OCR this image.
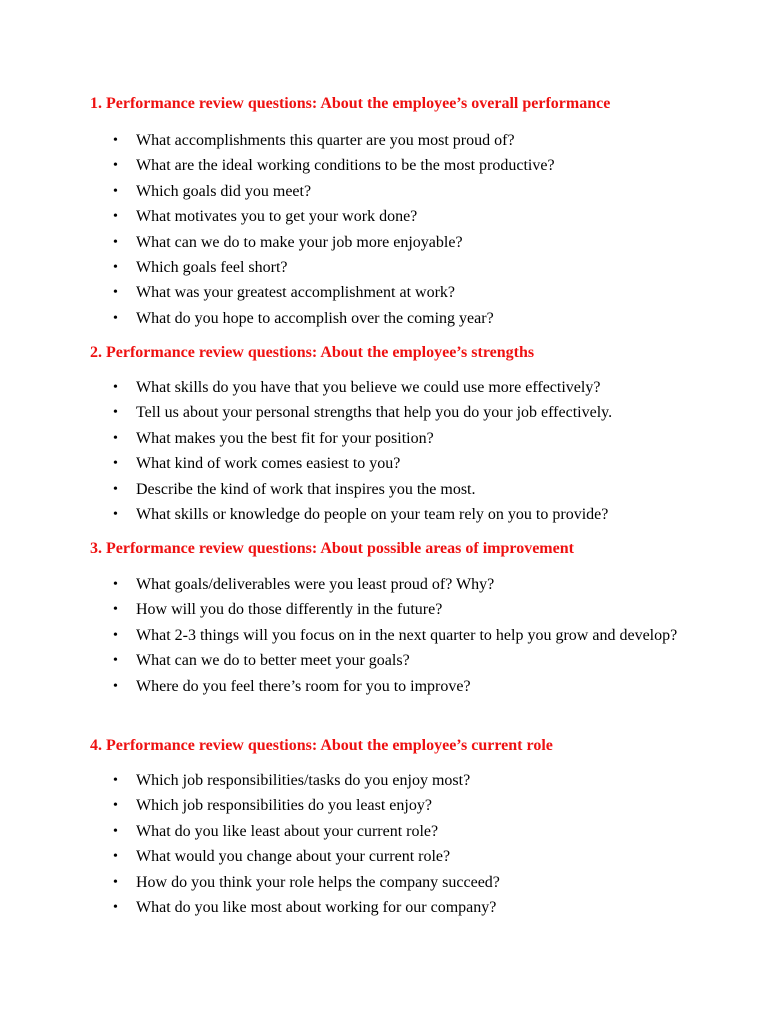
1. Performance review questions: About the employee’s overall performance
• What accomplishments this quarter are you most proud of?
• What are the ideal working conditions to be the most productive?
• Which goals did you meet?
• What motivates you to get your work done?
• What can we do to make your job more enjoyable?
• Which goals feel short?
• What was your greatest accomplishment at work?
• What do you hope to accomplish over the coming year?
2. Performance review questions: About the employee’s strengths
• What skills do you have that you believe we could use more effectively?
• Tell us about your personal strengths that help you do your job effectively.
• What makes you the best fit for your position?
• What kind of work comes easiest to you?
• Describe the kind of work that inspires you the most.
• What skills or knowledge do people on your team rely on you to provide?
3. Performance review questions: About possible areas of improvement
• What goals/deliverables were you least proud of? Why?
• How will you do those differently in the future?
• What 2-3 things will you focus on in the next quarter to help you grow and develop?
• What can we do to better meet your goals?
• Where do you feel there’s room for you to improve?
4. Performance review questions: About the employee’s current role
• Which job responsibilities/tasks do you enjoy most?
• Which job responsibilities do you least enjoy?
• What do you like least about your current role?
• What would you change about your current role?
• How do you think your role helps the company succeed?
• What do you like most about working for our company?
